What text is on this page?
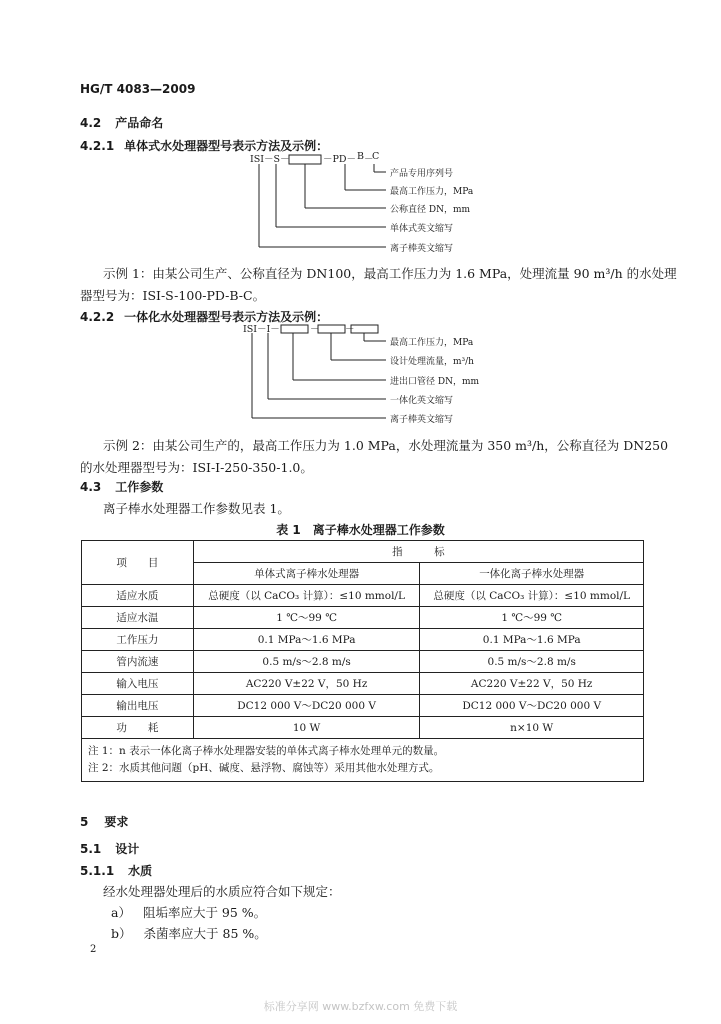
HG/T 4083—2009
4.2 产品命名
4.2.1 单体式水处理器型号表示方法及示例：
ISI－S－	－PD－ B －
C
产品专用序列号
最高工作压力，MPa
公称直径 DN，mm
单体式英文缩写
离子棒英文缩写
示例 1：由某公司生产、公称直径为 DN100，最高工作压力为 1.6 MPa，处理流量 90 m³/h 的水处理
器型号为：ISI-S-100-PD-B-C。
4.2.2 一体化水处理器型号表示方法及示例：
ISI－I－	－	－
最高工作压力，MPa
设计处理流量，m³/h
进出口管径 DN，mm
一体化英文缩写
离子棒英文缩写
示例 2：由某公司生产的，最高工作压力为 1.0 MPa，水处理流量为 350 m³/h，公称直径为 DN250
的水处理器型号为：ISI-I-250-350-1.0。
4.3 工作参数
离子棒水处理器工作参数见表 1。
表 1　离子棒水处理器工作参数
项　　目	指　　　标	
	单体式离子棒水处理器	一体化离子棒水处理器
适应水质	总硬度（以 CaCO₃ 计算）：≤10 mmol/L	总硬度（以 CaCO₃ 计算）：≤10 mmol/L
适应水温	1 ℃～99 ℃	1 ℃～99 ℃
工作压力	0.1 MPa～1.6 MPa	0.1 MPa～1.6 MPa
管内流速	0.5 m/s～2.8 m/s	0.5 m/s～2.8 m/s
输入电压	AC220 V±22 V，50 Hz	AC220 V±22 V，50 Hz
输出电压	DC12 000 V～DC20 000 V	DC12 000 V～DC20 000 V
功　　耗	10 W	n×10 W

注 1：n 表示一体化离子棒水处理器安装的单体式离子棒水处理单元的数量。
注 2：水质其他问题（pH、碱度、悬浮物、腐蚀等）采用其他水处理方式。		
5 要求
5.1 设计
5.1.1 水质
经水处理器处理后的水质应符合如下规定：
a） 阻垢率应大于 95 %。
b） 杀菌率应大于 85 %。
2
标准分享网 www.bzfxw.com 免费下载
